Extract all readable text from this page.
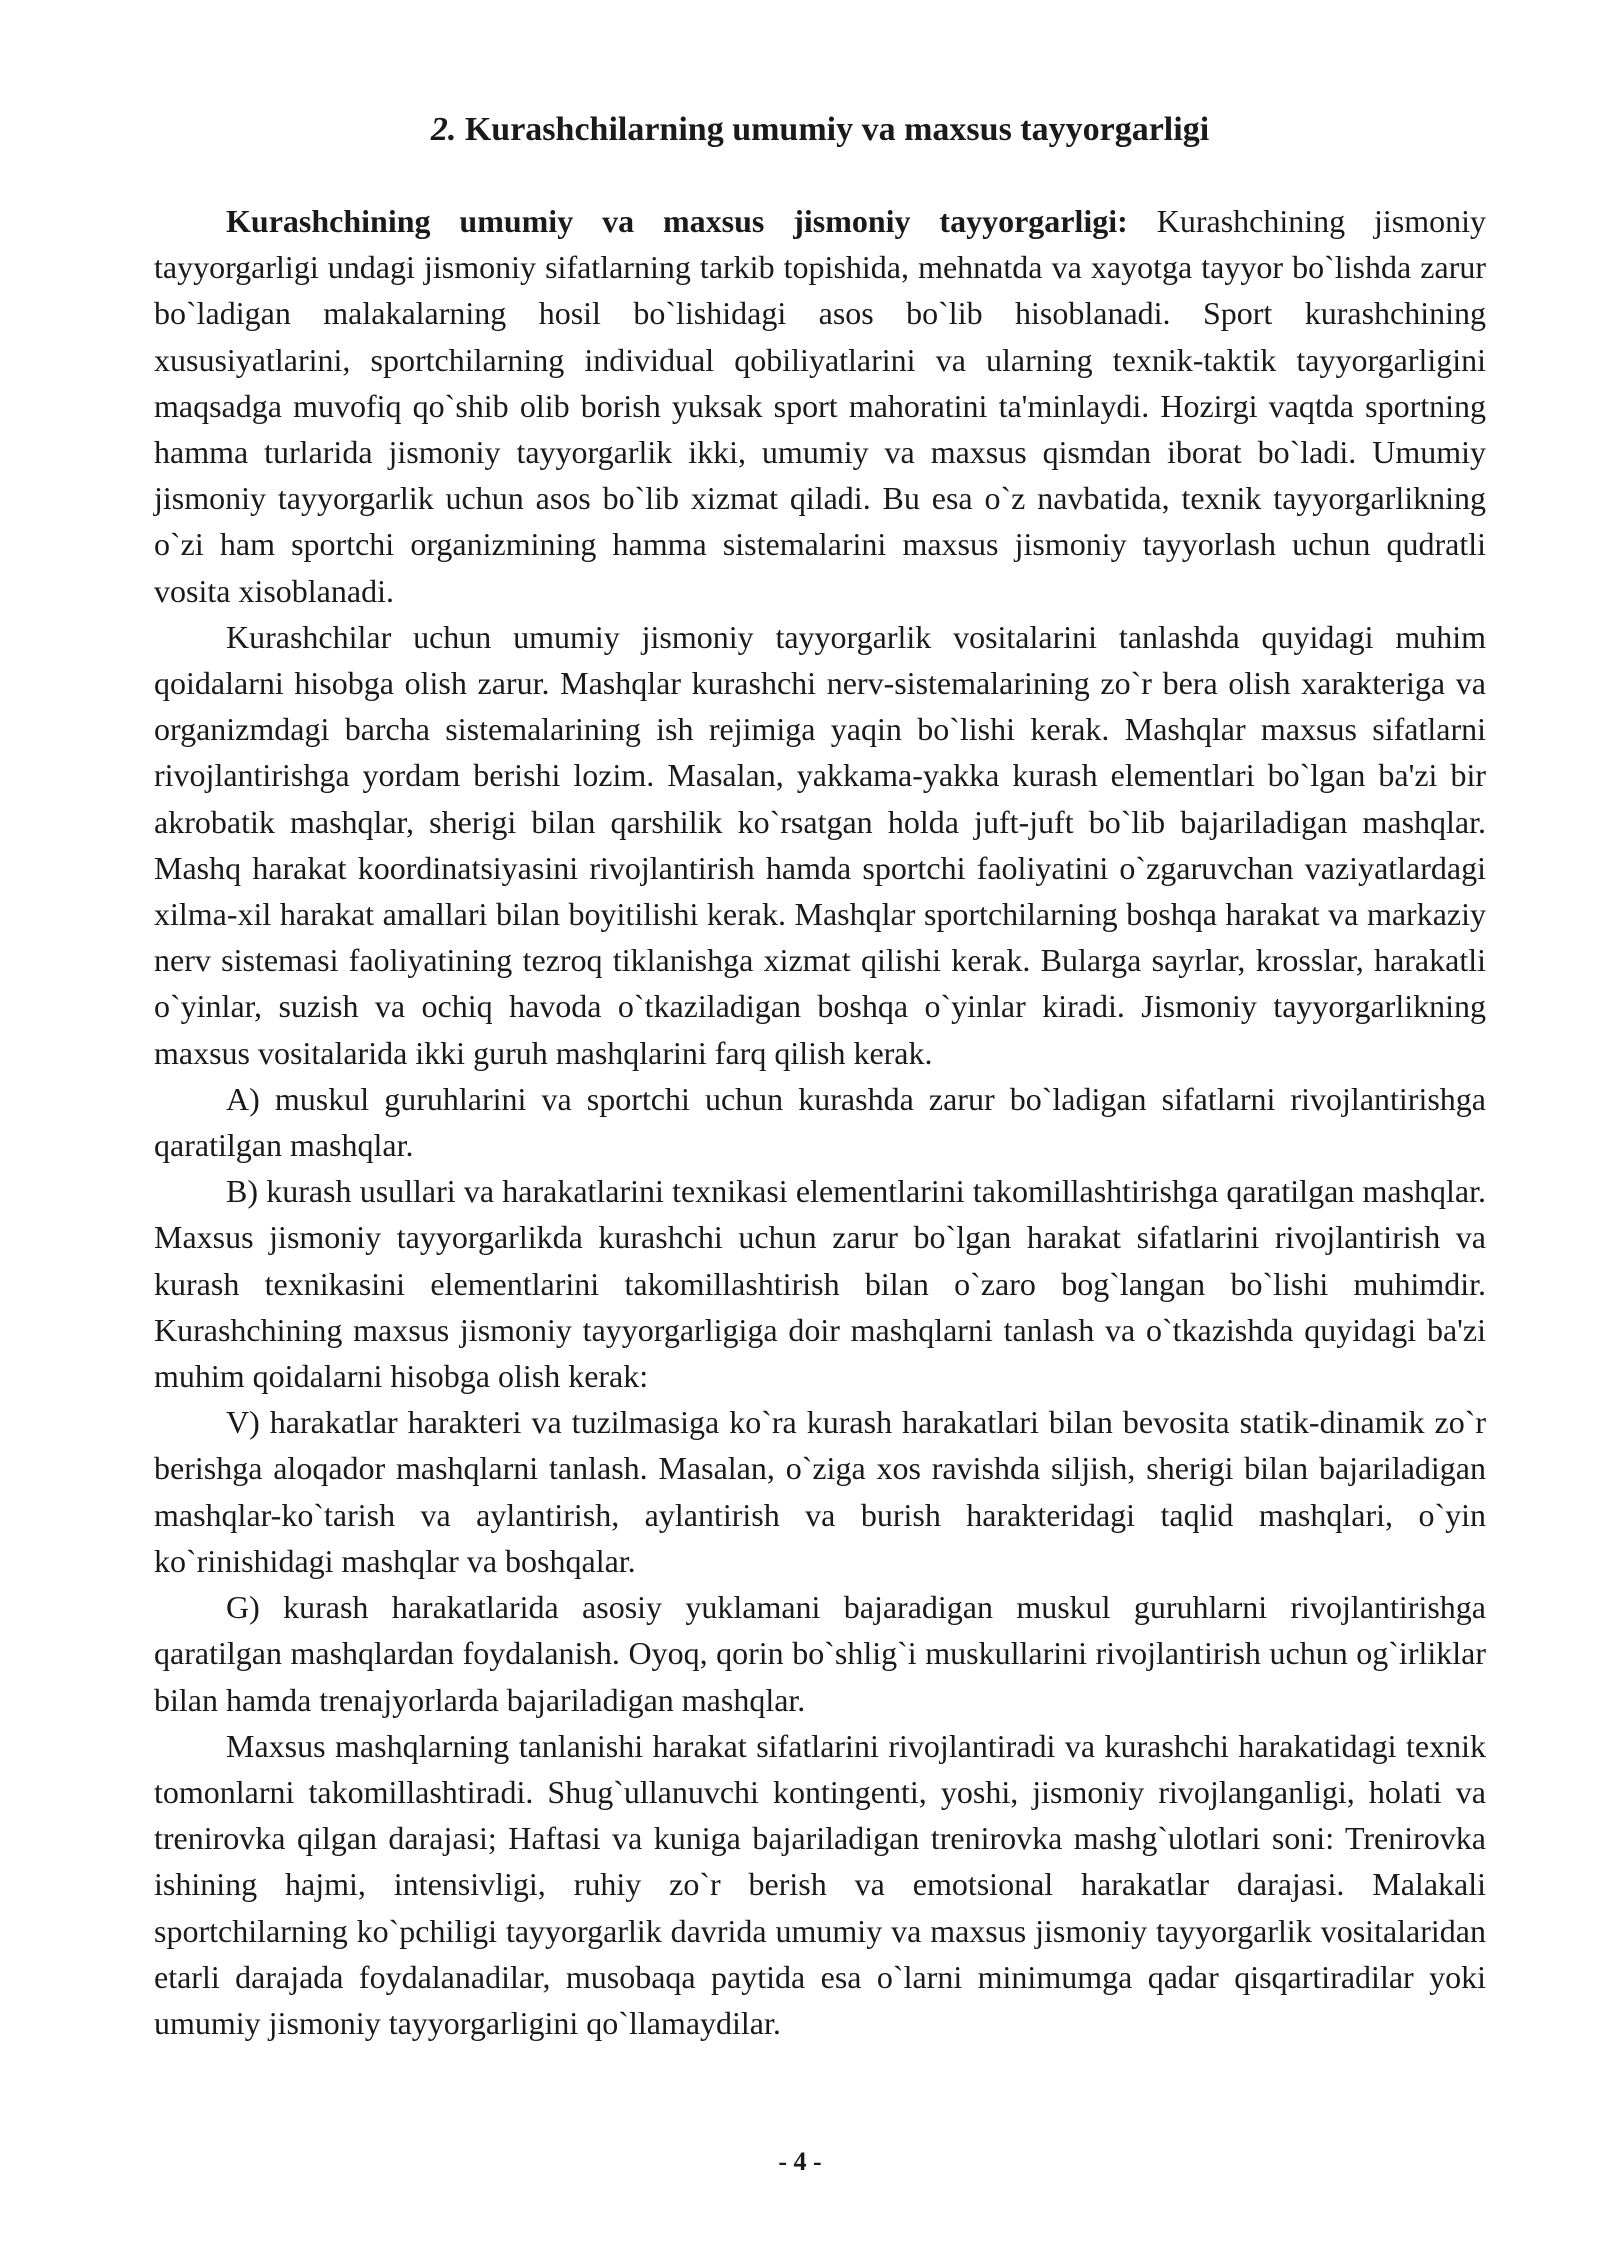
2. Kurashchilarning umumiy va maxsus tayyorgarligi

Kurashchining umumiy va maxsus jismoniy tayyorgarligi: Kurashchining jismoniy tayyorgarligi undagi jismoniy sifatlarning tarkib topishida, mehnatda va xayotga tayyor bo`lishda zarur bo`ladigan malakalarning hosil bo`lishidagi asos bo`lib hisoblanadi. Sport kurashchining xususiyatlarini, sportchilarning individual qobiliyatlarini va ularning texnik-taktik tayyorgarligini maqsadga muvofiq qo`shib olib borish yuksak sport mahoratini ta'minlaydi. Hozirgi vaqtda sportning hamma turlarida jismoniy tayyorgarlik ikki, umumiy va maxsus qismdan iborat bo`ladi. Umumiy jismoniy tayyorgarlik uchun asos bo`lib xizmat qiladi. Bu esa o`z navbatida, texnik tayyorgarlikning o`zi ham sportchi organizmining hamma sistemalarini maxsus jismoniy tayyorlash uchun qudratli vosita xisoblanadi.

Kurashchilar uchun umumiy jismoniy tayyorgarlik vositalarini tanlashda quyidagi muhim qoidalarni hisobga olish zarur. Mashqlar kurashchi nerv-sistemalarining zo`r bera olish xarakteriga va organizmdagi barcha sistemalarining ish rejimiga yaqin bo`lishi kerak. Mashqlar maxsus sifatlarni rivojlantirishga yordam berishi lozim. Masalan, yakkama-yakka kurash elementlari bo`lgan ba'zi bir akrobatik mashqlar, sherigi bilan qarshilik ko`rsatgan holda juft-juft bo`lib bajariladigan mashqlar. Mashq harakat koordinatsiyasini rivojlantirish hamda sportchi faoliyatini o`zgaruvchan vaziyatlardagi xilma-xil harakat amallari bilan boyitilishi kerak. Mashqlar sportchilarning boshqa harakat va markaziy nerv sistemasi faoliyatining tezroq tiklanishga xizmat qilishi kerak. Bularga sayrlar, krosslar, harakatli o`yinlar, suzish va ochiq havoda o`tkaziladigan boshqa o`yinlar kiradi. Jismoniy tayyorgarlikning maxsus vositalarida ikki guruh mashqlarini farq qilish kerak.

A) muskul guruhlarini va sportchi uchun kurashda zarur bo`ladigan sifatlarni rivojlantirishga qaratilgan mashqlar.

B) kurash usullari va harakatlarini texnikasi elementlarini takomillashtirishga qaratilgan mashqlar. Maxsus jismoniy tayyorgarlikda kurashchi uchun zarur bo`lgan harakat sifatlarini rivojlantirish va kurash texnikasini elementlarini takomillashtirish bilan o`zaro bog`langan bo`lishi muhimdir. Kurashchining maxsus jismoniy tayyorgarligiga doir mashqlarni tanlash va o`tkazishda quyidagi ba'zi muhim qoidalarni hisobga olish kerak:

V) harakatlar harakteri va tuzilmasiga ko`ra kurash harakatlari bilan bevosita statik-dinamik zo`r berishga aloqador mashqlarni tanlash. Masalan, o`ziga xos ravishda siljish, sherigi bilan bajariladigan mashqlar-ko`tarish va aylantirish, aylantirish va burish harakteridagi taqlid mashqlari, o`yin ko`rinishidagi mashqlar va boshqalar.

G) kurash harakatlarida asosiy yuklamani bajaradigan muskul guruhlarni rivojlantirishga qaratilgan mashqlardan foydalanish. Oyoq, qorin bo`shlig`i muskullarini rivojlantirish uchun og`irliklar bilan hamda trenajyorlarda bajariladigan mashqlar.

Maxsus mashqlarning tanlanishi harakat sifatlarini rivojlantiradi va kurashchi harakatidagi texnik tomonlarni takomillashtiradi. Shug`ullanuvchi kontingenti, yoshi, jismoniy rivojlanganligi, holati va trenirovka qilgan darajasi; Haftasi va kuniga bajariladigan trenirovka mashg`ulotlari soni: Trenirovka ishining hajmi, intensivligi, ruhiy zo`r berish va emotsional harakatlar darajasi. Malakali sportchilarning ko`pchiligi tayyorgarlik davrida umumiy va maxsus jismoniy tayyorgarlik vositalaridan etarli darajada foydalanadilar, musobaqa paytida esa o`larni minimumga qadar qisqartiradilar yoki umumiy jismoniy tayyorgarligini qo`llamaydilar.

- 4 -
